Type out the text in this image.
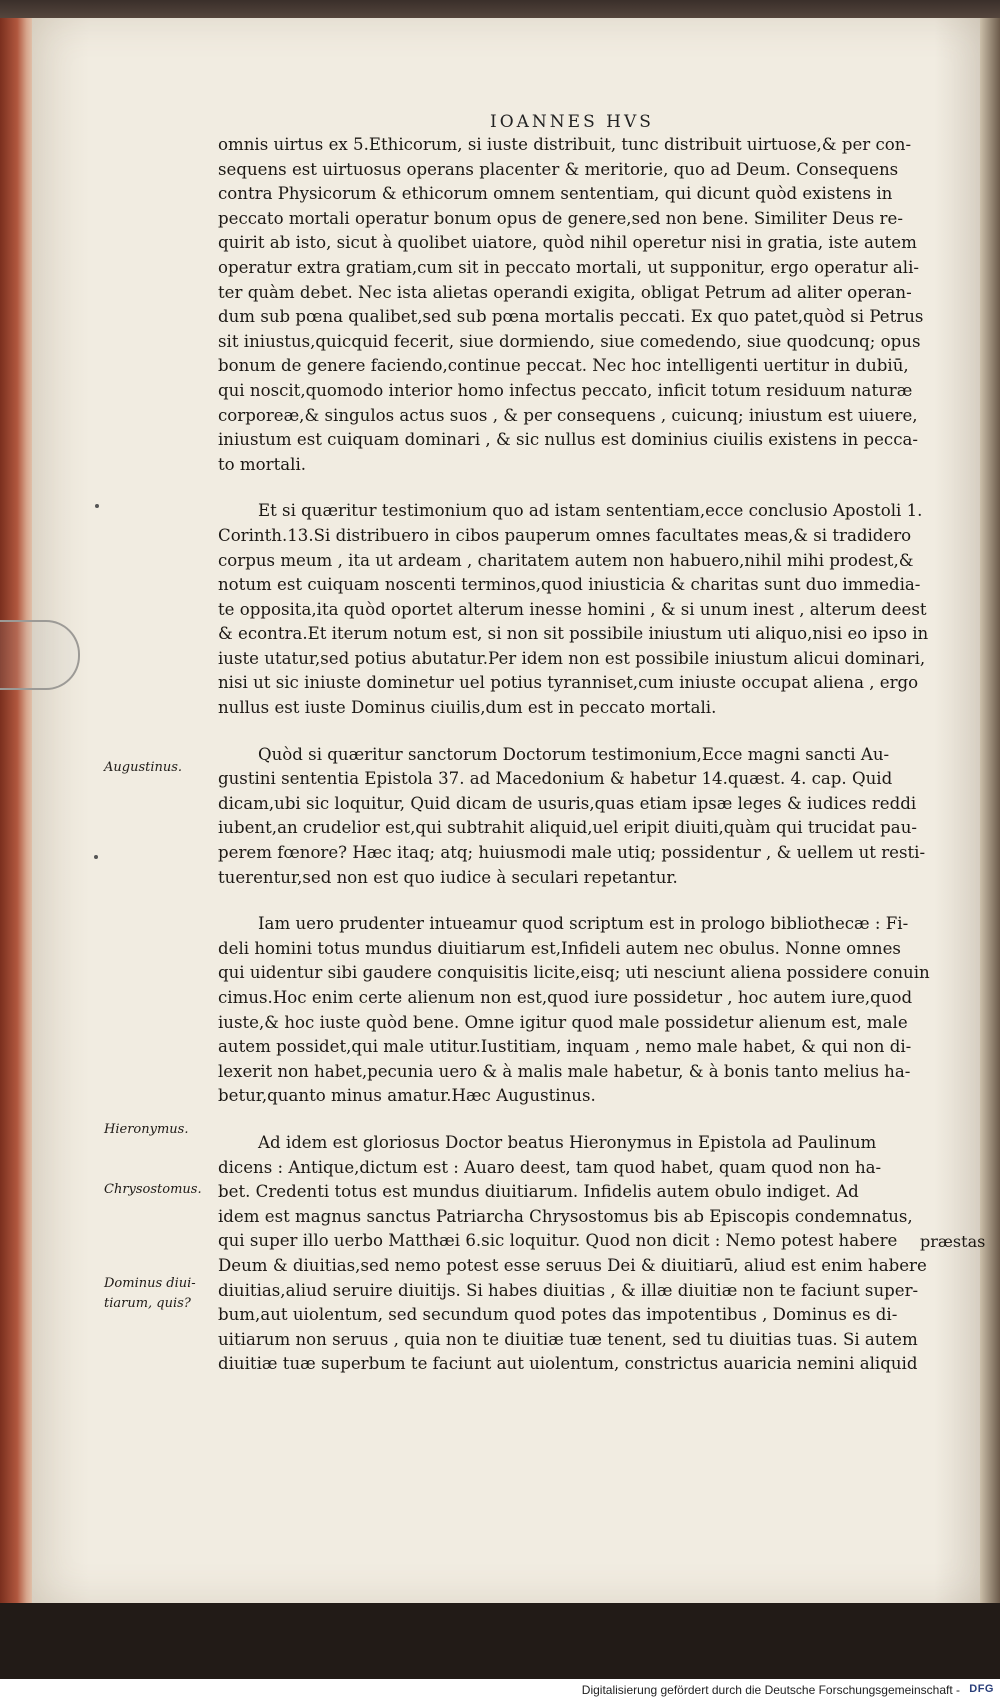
IOANNES HVS
omnis uirtus ex 5.Ethicorum, si iuste distribuit, tunc distribuit uirtuose,& per con-
sequens est uirtuosus operans placenter & meritorie, quo ad Deum. Consequens
contra Physicorum & ethicorum omnem sententiam, qui dicunt quòd existens in
peccato mortali operatur bonum opus de genere,sed non bene. Similiter Deus re-
quirit ab isto, sicut à quolibet uiatore, quòd nihil operetur nisi in gratia, iste autem
operatur extra gratiam,cum sit in peccato mortali, ut supponitur, ergo operatur ali-
ter quàm debet. Nec ista alietas operandi exigita, obligat Petrum ad aliter operan-
dum sub pœna qualibet,sed sub pœna mortalis peccati. Ex quo patet,quòd si Petrus
sit iniustus,quicquid fecerit, siue dormiendo, siue comedendo, siue quodcunq; opus
bonum de genere faciendo,continue peccat. Nec hoc intelligenti uertitur in dubiū,
qui noscit,quomodo interior homo infectus peccato, inficit totum residuum naturæ
corporeæ,& singulos actus suos , & per consequens , cuicunq; iniustum est uiuere,
iniustum est cuiquam dominari , & sic nullus est dominius ciuilis existens in pecca-
to mortali.
Et si quæritur testimonium quo ad istam sententiam,ecce conclusio Apostoli 1.
Corinth.13.Si distribuero in cibos pauperum omnes facultates meas,& si tradidero
corpus meum , ita ut ardeam , charitatem autem non habuero,nihil mihi prodest,&
notum est cuiquam noscenti terminos,quod iniusticia & charitas sunt duo immedia-
te opposita,ita quòd oportet alterum inesse homini , & si unum inest , alterum deest
& econtra.Et iterum notum est, si non sit possibile iniustum uti aliquo,nisi eo ipso in
iuste utatur,sed potius abutatur.Per idem non est possibile iniustum alicui dominari,
nisi ut sic iniuste dominetur uel potius tyranniset,cum iniuste occupat aliena , ergo
nullus est iuste Dominus ciuilis,dum est in peccato mortali.
Quòd si quæritur sanctorum Doctorum testimonium,Ecce magni sancti Au-
gustini sententia Epistola 37. ad Macedonium & habetur 14.quæst. 4. cap. Quid
dicam,ubi sic loquitur, Quid dicam de usuris,quas etiam ipsæ leges & iudices reddi
iubent,an crudelior est,qui subtrahit aliquid,uel eripit diuiti,quàm qui trucidat pau-
perem fœnore? Hæc itaq; atq; huiusmodi male utiq; possidentur , & uellem ut resti-
tuerentur,sed non est quo iudice à seculari repetantur.
Iam uero prudenter intueamur quod scriptum est in prologo bibliothecæ : Fi-
deli homini totus mundus diuitiarum est,Infideli autem nec obulus. Nonne omnes
qui uidentur sibi gaudere conquisitis licite,eisq; uti nesciunt aliena possidere conuin
cimus.Hoc enim certe alienum non est,quod iure possidetur , hoc autem iure,quod
iuste,& hoc iuste quòd bene. Omne igitur quod male possidetur alienum est, male
autem possidet,qui male utitur.Iustitiam, inquam , nemo male habet, & qui non di-
lexerit non habet,pecunia uero & à malis male habetur, & à bonis tanto melius ha-
betur,quanto minus amatur.Hæc Augustinus.
Ad idem est gloriosus Doctor beatus Hieronymus in Epistola ad Paulinum
dicens : Antique,dictum est : Auaro deest, tam quod habet, quam quod non ha-
bet. Credenti totus est mundus diuitiarum. Infidelis autem obulo indiget. Ad
idem est magnus sanctus Patriarcha Chrysostomus bis ab Episcopis condemnatus,
qui super illo uerbo Matthæi 6.sic loquitur. Quod non dicit : Nemo potest habere
Deum & diuitias,sed nemo potest esse seruus Dei & diuitiarū, aliud est enim habere
diuitias,aliud seruire diuitijs. Si habes diuitias , & illæ diuitiæ non te faciunt super-
bum,aut uiolentum, sed secundum quod potes das impotentibus , Dominus es di-
uitiarum non seruus , quia non te diuitiæ tuæ tenent, sed tu diuitias tuas. Si autem
diuitiæ tuæ superbum te faciunt aut uiolentum, constrictus auaricia nemini aliquid
præstas
Augustinus.
Hieronymus.
Chrysostomus.
Dominus diui-
tiarum, quis?
Digitalisierung gefördert durch die Deutsche Forschungsgemeinschaft - DFG
